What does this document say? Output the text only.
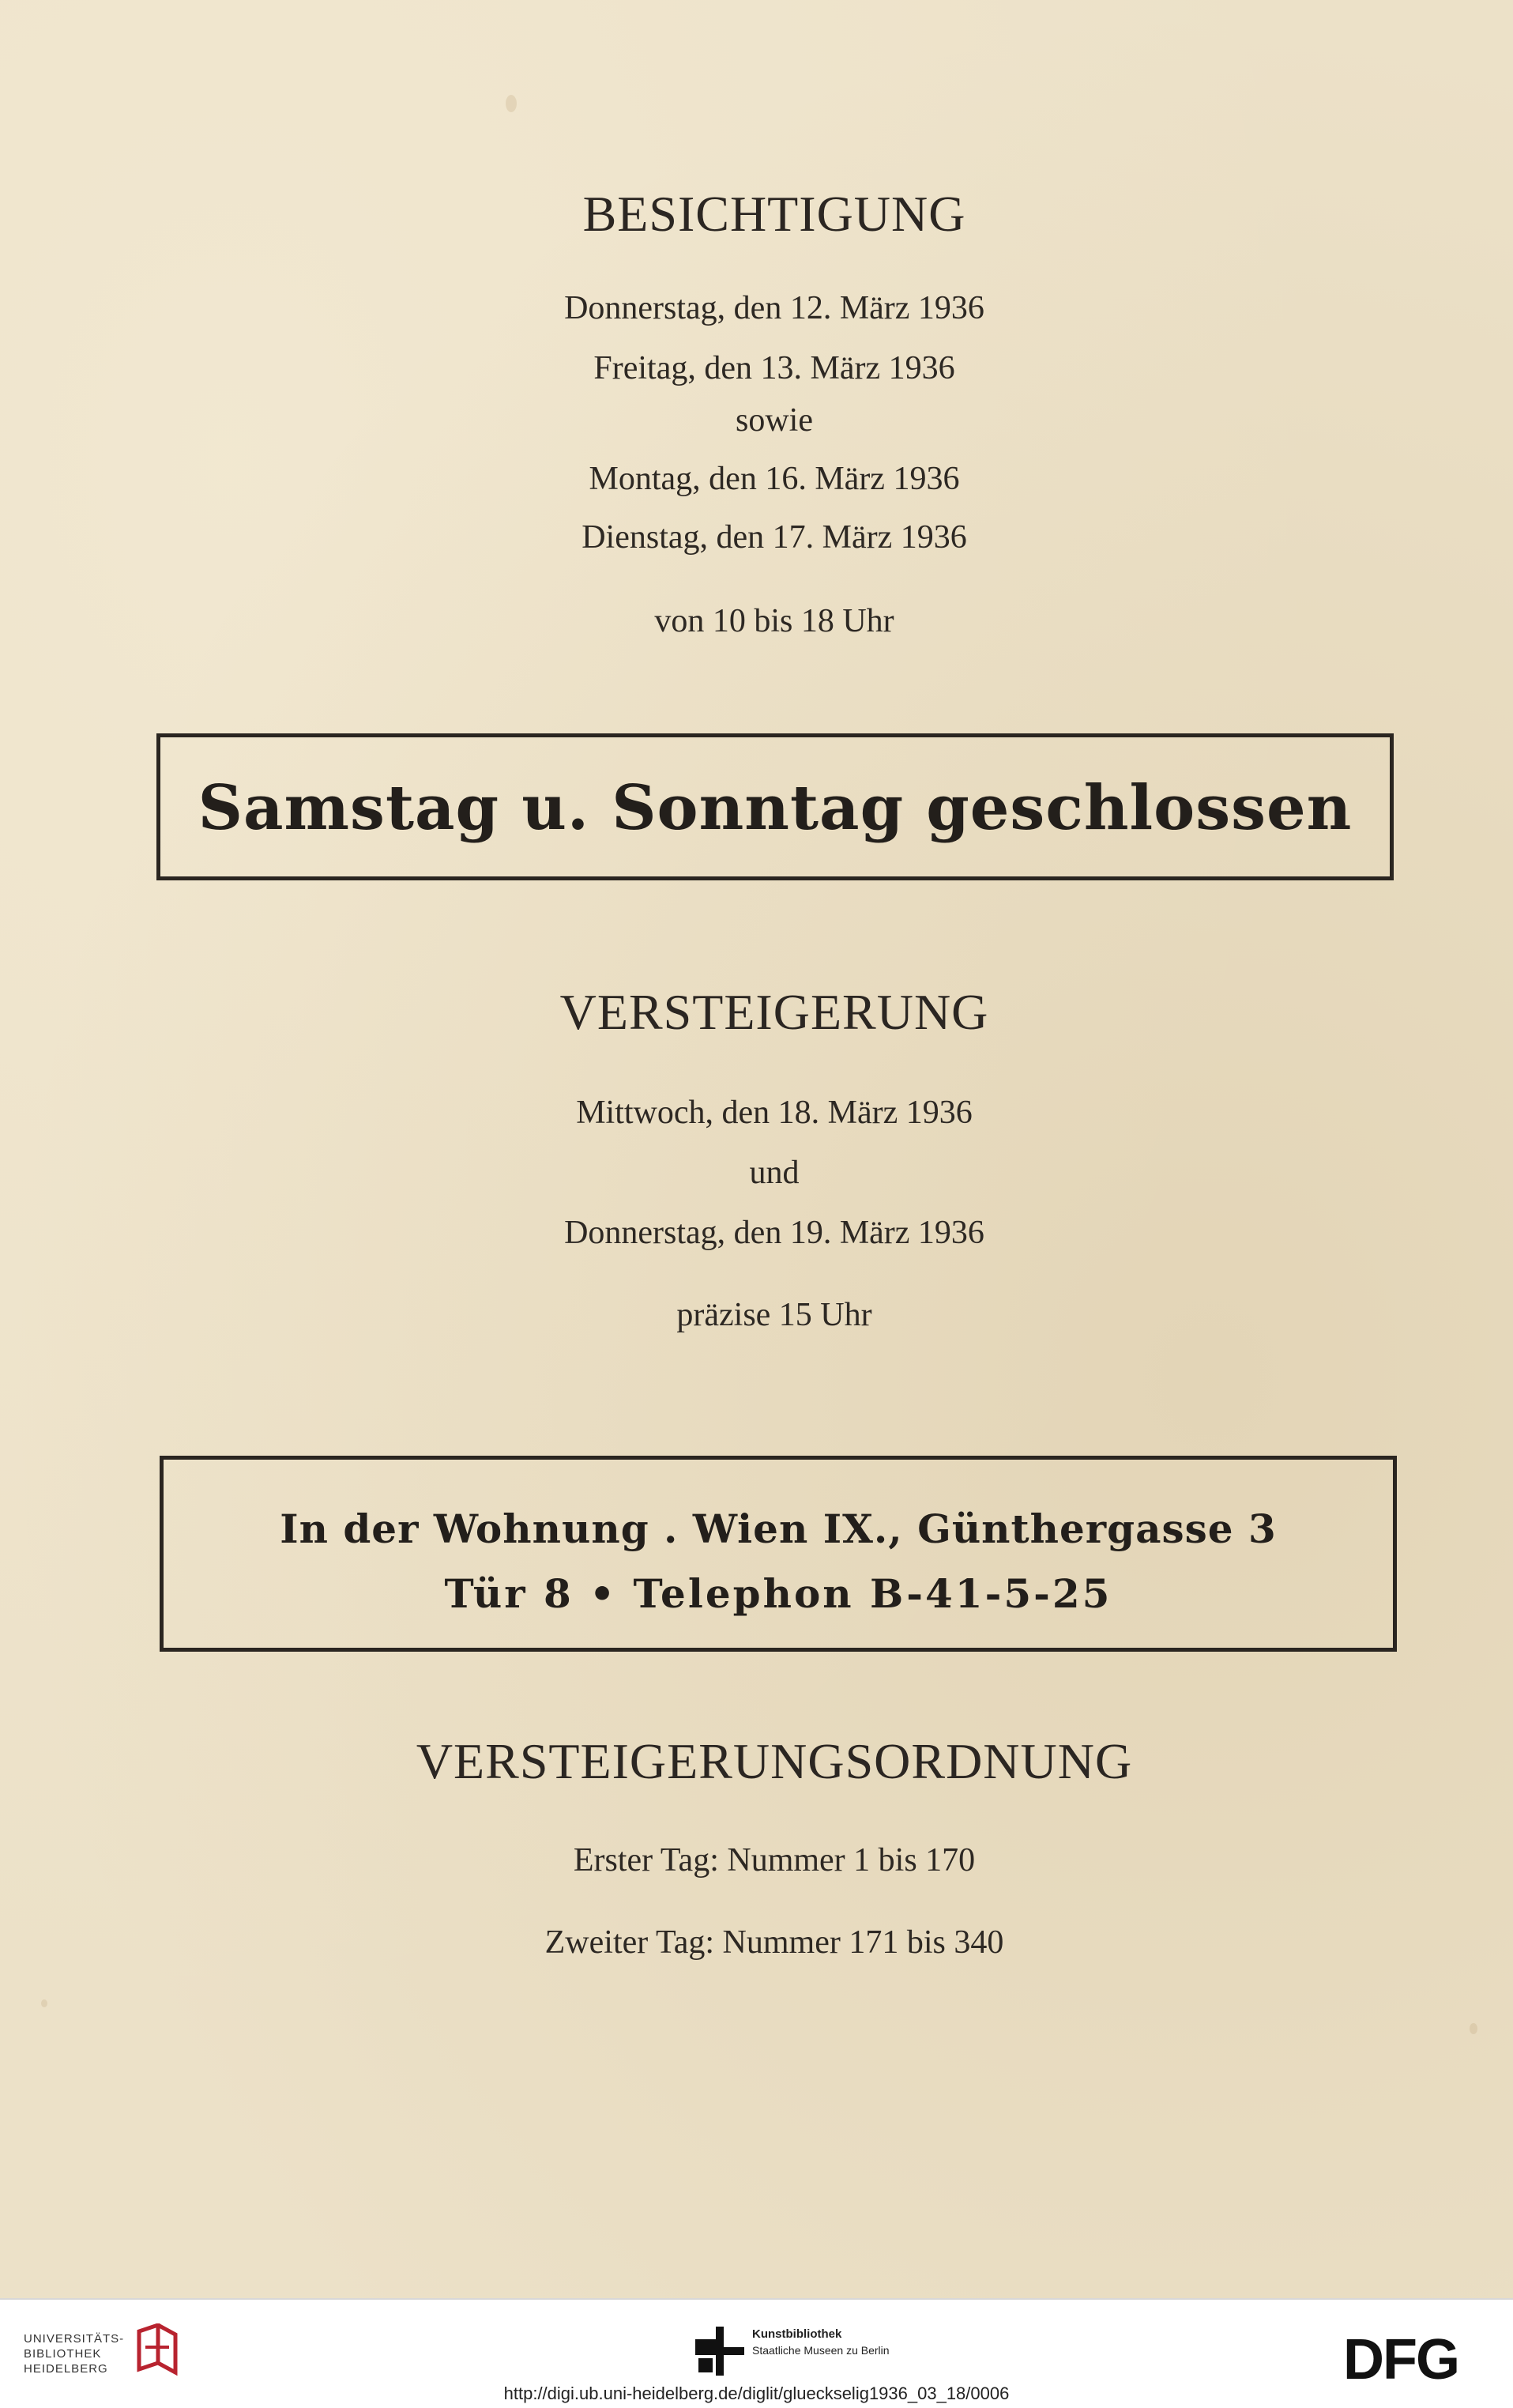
BESICHTIGUNG
Donnerstag, den 12. März 1936
Freitag, den 13. März 1936
sowie
Montag, den 16. März 1936
Dienstag, den 17. März 1936
von 10 bis 18 Uhr
Samstag u. Sonntag geschlossen
VERSTEIGERUNG
Mittwoch, den 18. März 1936
und
Donnerstag, den 19. März 1936
präzise 15 Uhr
In der Wohnung . Wien IX., Günthergasse 3
Tür 8 • Telephon B-41-5-25
VERSTEIGERUNGSORDNUNG
Erster Tag: Nummer 1 bis 170
Zweiter Tag: Nummer 171 bis 340
UNIVERSITÄTS-
BIBLIOTHEK
HEIDELBERG
Kunstbibliothek
Staatliche Museen zu Berlin	DFG
http://digi.ub.uni-heidelberg.de/diglit/glueckselig1936_03_18/0006
